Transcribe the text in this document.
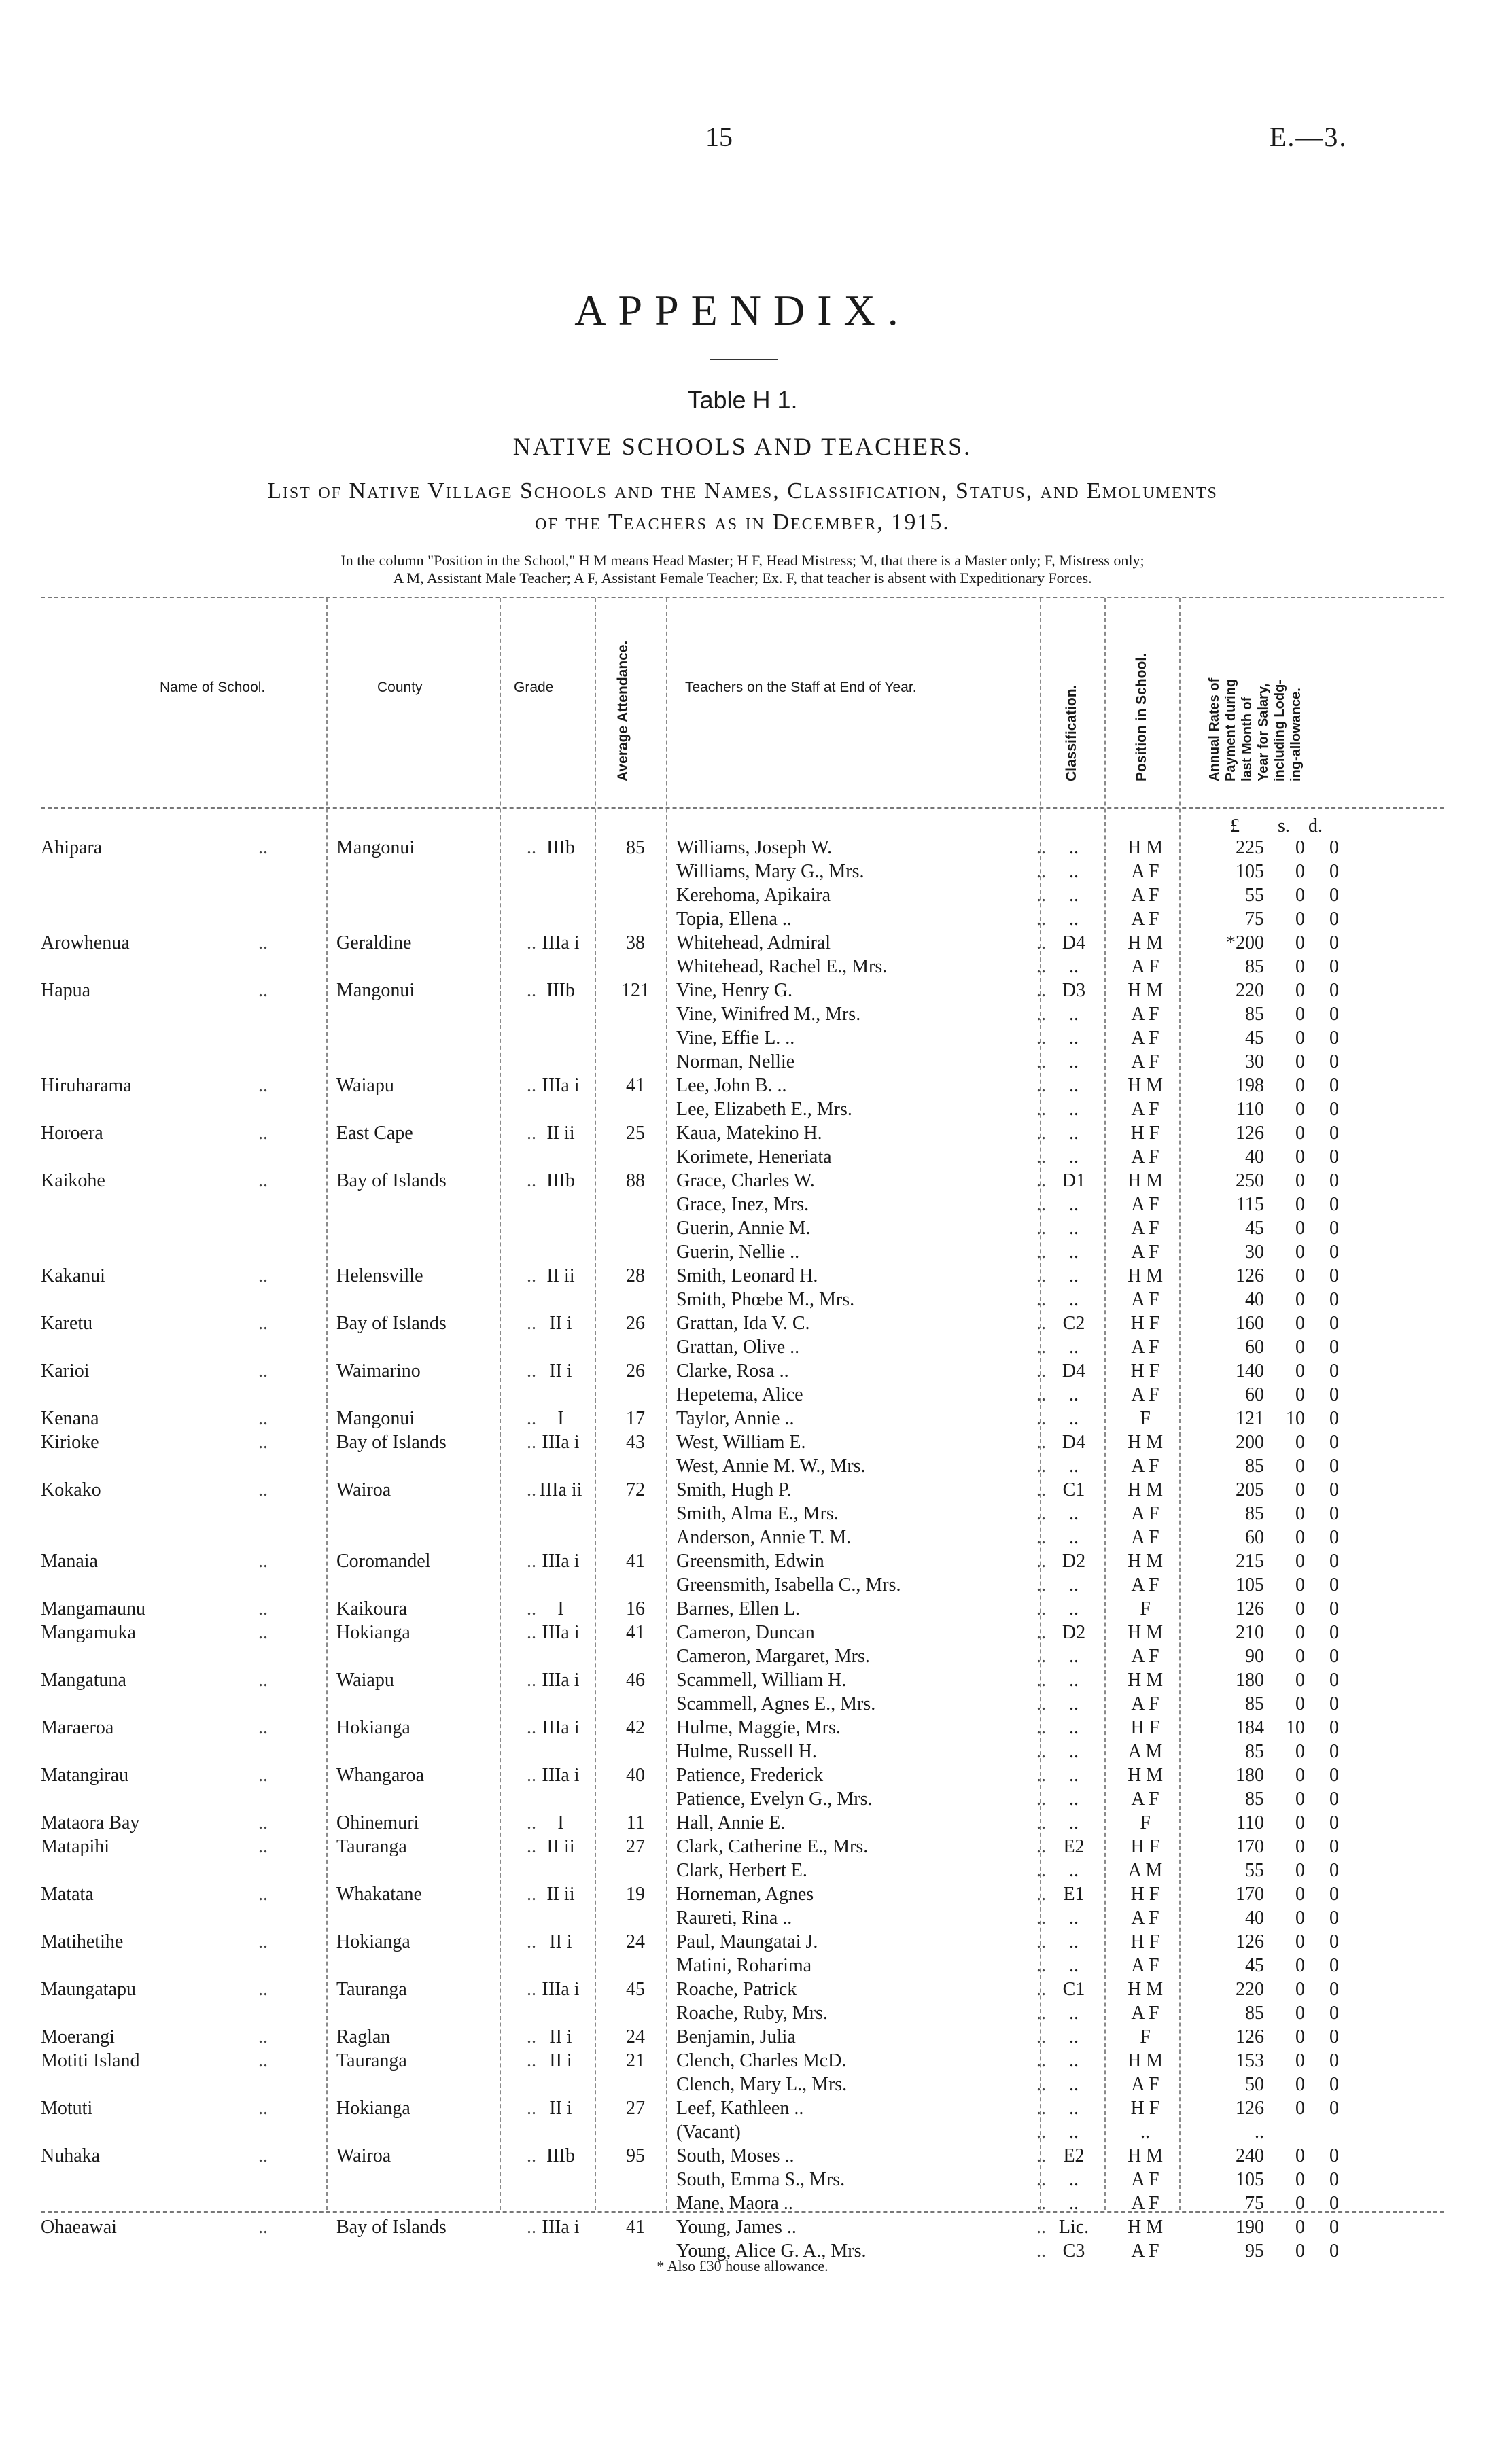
15	E.—3.
APPENDIX.
Table H 1.
NATIVE SCHOOLS AND TEACHERS.
List of Native Village Schools and the Names, Classification, Status, and Emoluments
of the Teachers as in December, 1915.
In the column "Position in the School," H M means Head Master; H F, Head Mistress; M, that there is a Master only; F, Mistress only;
A M, Assistant Male Teacher; A F, Assistant Female Teacher; Ex. F, that teacher is absent with Expeditionary Forces.
Name of School.	County	Grade	Average Attendance.	Teachers on the Staff at End of Year.	Classification.	Position in School.	Annual Rates of Payment during last Month of Year for Salary, including Lodg- ing-allowance.
£ s. d.
Ahipara	..	Mangonui	.. IIIb	85	Williams, Joseph W.	..	..	H M	225	0	0
Williams, Mary G., Mrs.	..	..	A F	105	0	0
Kerehoma, Apikaira	..	..	A F	55	0	0
Topia, Ellena ..	..	..	A F	75	0	0
Arowhenua	..	Geraldine	.. IIIa i	38	Whitehead, Admiral	.. D4	H M	*200	0	0
Whitehead, Rachel E., Mrs.	..	..	A F	85	0	0
Hapua	..	Mangonui	.. IIIb	121	Vine, Henry G.	.. D3	H M	220	0	0
Vine, Winifred M., Mrs.	..	..	A F	85	0	0
Vine, Effie L. ..	..	..	A F	45	0	0
Norman, Nellie	..	..	A F	30	0	0
Hiruharama	..	Waiapu	.. IIIa i	41	Lee, John B. ..	..	..	H M	198	0	0
Lee, Elizabeth E., Mrs.	..	..	A F	110	0	0
Horoera	..	East Cape	.. II ii	25	Kaua, Matekino H.	..	..	H F	126	0	0
Korimete, Heneriata	..	..	A F	40	0	0
Kaikohe	..	Bay of Islands	.. IIIb	88	Grace, Charles W.	.. D1	H M	250	0	0
Grace, Inez, Mrs.	..	..	A F	115	0	0
Guerin, Annie M.	..	..	A F	45	0	0
Guerin, Nellie ..	..	..	A F	30	0	0
Kakanui	..	Helensville	.. II ii	28	Smith, Leonard H.	..	..	H M	126	0	0
Smith, Phœbe M., Mrs.	..	..	A F	40	0	0
Karetu	..	Bay of Islands	.. II i	26	Grattan, Ida V. C.	.. C2	H F	160	0	0
Grattan, Olive ..	..	..	A F	60	0	0
Karioi	..	Waimarino	.. II i	26	Clarke, Rosa ..	.. D4	H F	140	0	0
Hepetema, Alice	..	..	A F	60	0	0
Kenana	..	Mangonui	..	I	17	Taylor, Annie ..	..	..	F	121	10	0
Kirioke	..	Bay of Islands	.. IIIa i	43	West, William E.	.. D4	H M	200	0	0
West, Annie M. W., Mrs.	..	..	A F	85	0	0
Kokako	..	Wairoa	.. IIIa ii	72	Smith, Hugh P.	.. C1	H M	205	0	0
Smith, Alma E., Mrs.	..	..	A F	85	0	0
Anderson, Annie T. M.	..	..	A F	60	0	0
Manaia	..	Coromandel	.. IIIa i	41	Greensmith, Edwin	.. D2	H M	215	0	0
Greensmith, Isabella C., Mrs.	..	..	A F	105	0	0
Mangamaunu	..	Kaikoura	..	I	16	Barnes, Ellen L.	..	..	F	126	0	0
Mangamuka	..	Hokianga	.. IIIa i	41	Cameron, Duncan	.. D2	H M	210	0	0
Cameron, Margaret, Mrs.	..	..	A F	90	0	0
Mangatuna	..	Waiapu	.. IIIa i	46	Scammell, William H.	..	..	H M	180	0	0
Scammell, Agnes E., Mrs.	..	..	A F	85	0	0
Maraeroa	..	Hokianga	.. IIIa i	42	Hulme, Maggie, Mrs.	..	..	H F	184	10	0
Hulme, Russell H.	..	..	A M	85	0	0
Matangirau	..	Whangaroa	.. IIIa i	40	Patience, Frederick	..	..	H M	180	0	0
Patience, Evelyn G., Mrs.	..	..	A F	85	0	0
Mataora Bay	..	Ohinemuri	..	I	11	Hall, Annie E.	..	..	F	110	0	0
Matapihi	..	Tauranga	.. II ii	27	Clark, Catherine E., Mrs.	.. E2	H F	170	0	0
Clark, Herbert E.	..	..	A M	55	0	0
Matata	..	Whakatane	.. II ii	19	Horneman, Agnes	.. E1	H F	170	0	0
Raureti, Rina ..	..	..	A F	40	0	0
Matihetihe	..	Hokianga	.. II i	24	Paul, Maungatai J.	..	..	H F	126	0	0
Matini, Roharima	..	..	A F	45	0	0
Maungatapu	..	Tauranga	.. IIIa i	45	Roache, Patrick	.. C1	H M	220	0	0
Roache, Ruby, Mrs.	..	..	A F	85	0	0
Moerangi	..	Raglan	.. II i	24	Benjamin, Julia	..	..	F	126	0	0
Motiti Island	..	Tauranga	.. II i	21	Clench, Charles McD.	..	..	H M	153	0	0
Clench, Mary L., Mrs.	..	..	A F	50	0	0
Motuti	..	Hokianga	.. II i	27	Leef, Kathleen ..	..	..	H F	126	0	0
(Vacant)	..	..	..	..
Nuhaka	..	Wairoa	.. IIIb	95	South, Moses ..	.. E2	H M	240	0	0
South, Emma S., Mrs.	..	..	A F	105	0	0
Mane, Maora ..	..	..	A F	75	0	0
Ohaeawai	..	Bay of Islands	.. IIIa i	41	Young, James ..	.. Lic.	H M	190	0	0
Young, Alice G. A., Mrs.	.. C3	A F	95	0	0
* Also £30 house allowance.
